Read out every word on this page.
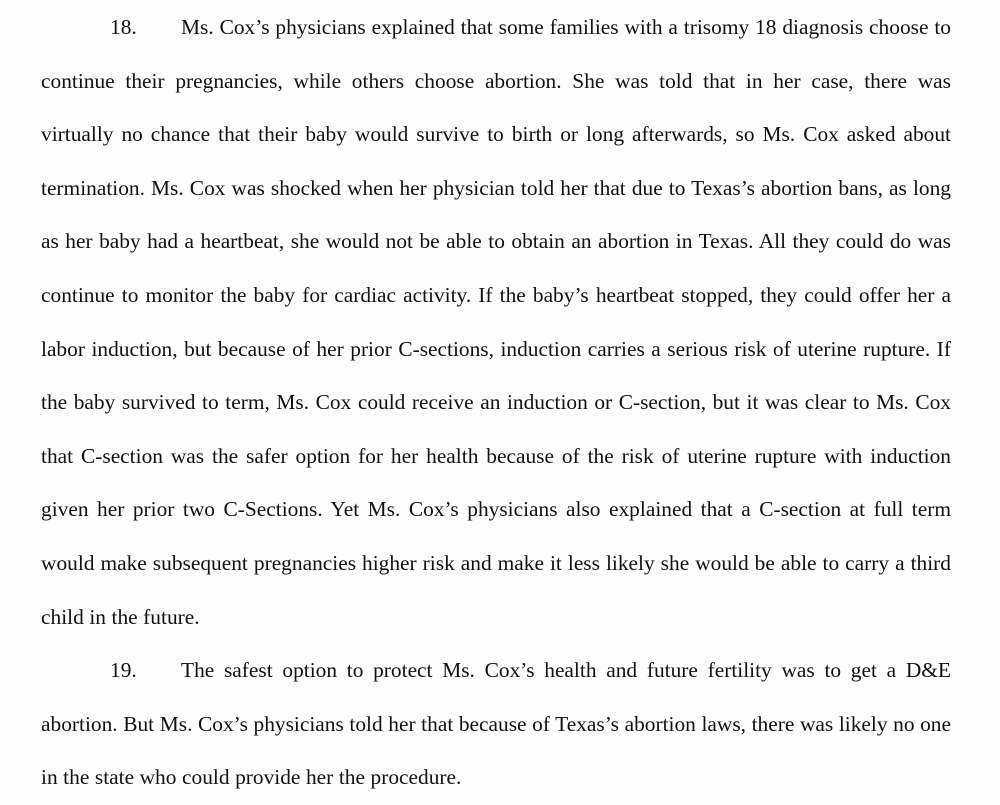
18. Ms. Cox’s physicians explained that some families with a trisomy 18 diagnosis choose to continue their pregnancies, while others choose abortion. She was told that in her case, there was virtually no chance that their baby would survive to birth or long afterwards, so Ms. Cox asked about termination. Ms. Cox was shocked when her physician told her that due to Texas’s abortion bans, as long as her baby had a heartbeat, she would not be able to obtain an abortion in Texas. All they could do was continue to monitor the baby for cardiac activity. If the baby’s heartbeat stopped, they could offer her a labor induction, but because of her prior C-sections, induction carries a serious risk of uterine rupture. If the baby survived to term, Ms. Cox could receive an induction or C-section, but it was clear to Ms. Cox that C-section was the safer option for her health because of the risk of uterine rupture with induction given her prior two C-Sections. Yet Ms. Cox’s physicians also explained that a C-section at full term would make subsequent pregnancies higher risk and make it less likely she would be able to carry a third child in the future.

19. The safest option to protect Ms. Cox’s health and future fertility was to get a D&E abortion. But Ms. Cox’s physicians told her that because of Texas’s abortion laws, there was likely no one in the state who could provide her the procedure.
